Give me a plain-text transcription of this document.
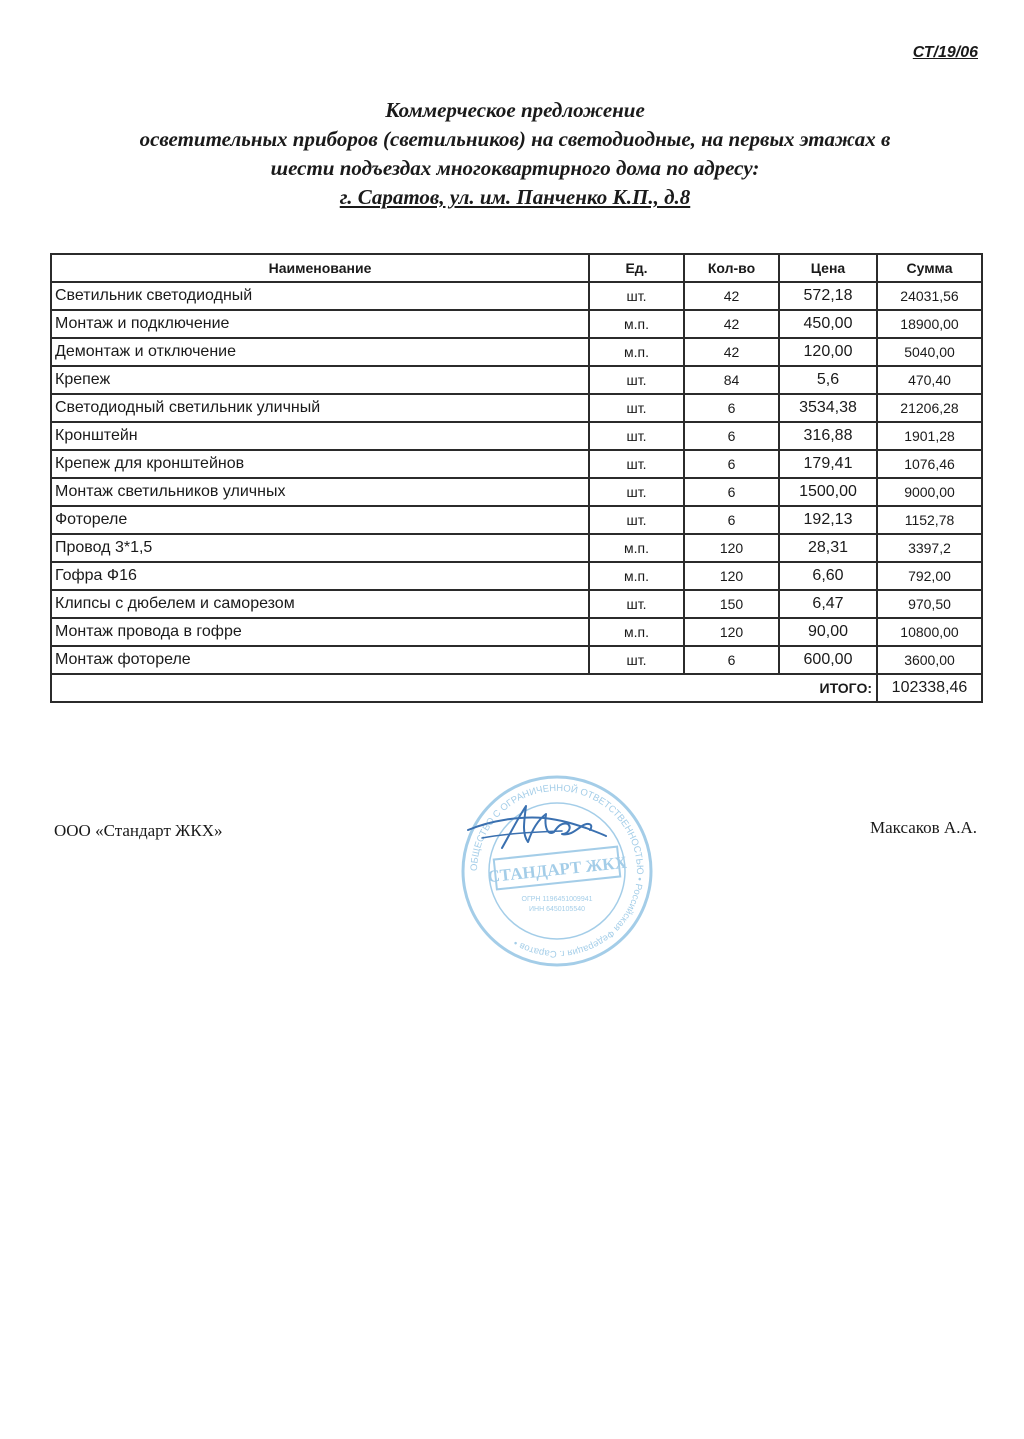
СТ/19/06
Коммерческое предложение
осветительных приборов (светильников) на светодиодные, на первых этажах в
шести подъездах многоквартирного дома по адресу:
г. Саратов, ул. им. Панченко К.П., д.8
Наименование	Ед.	Кол-во	Цена	Сумма
Светильник светодиодный	шт.	42	572,18	24031,56
Монтаж и подключение	м.п.	42	450,00	18900,00
Демонтаж и отключение	м.п.	42	120,00	5040,00
Крепеж	шт.	84	5,6	470,40
Светодиодный светильник уличный	шт.	6	3534,38	21206,28
Кронштейн	шт.	6	316,88	1901,28
Крепеж для кронштейнов	шт.	6	179,41	1076,46
Монтаж светильников уличных	шт.	6	1500,00	9000,00
Фотореле	шт.	6	192,13	1152,78
Провод 3*1,5	м.п.	120	28,31	3397,2
Гофра Ф16	м.п.	120	6,60	792,00
Клипсы с дюбелем и саморезом	шт.	150	6,47	970,50
Монтаж провода в гофре	м.п.	120	90,00	10800,00
Монтаж фотореле	шт.	6	600,00	3600,00
ИТОГО:				102338,46
ООО «Стандарт ЖКХ»	Максаков А.А.
ОБЩЕСТВО С ОГРАНИЧЕННОЙ ОТВЕТСТВЕННОСТЬЮ • Российская Федерация г. Саратов •
СТАНДАРТ ЖКХ
ОГРН 1196451009941
ИНН 6450105540
